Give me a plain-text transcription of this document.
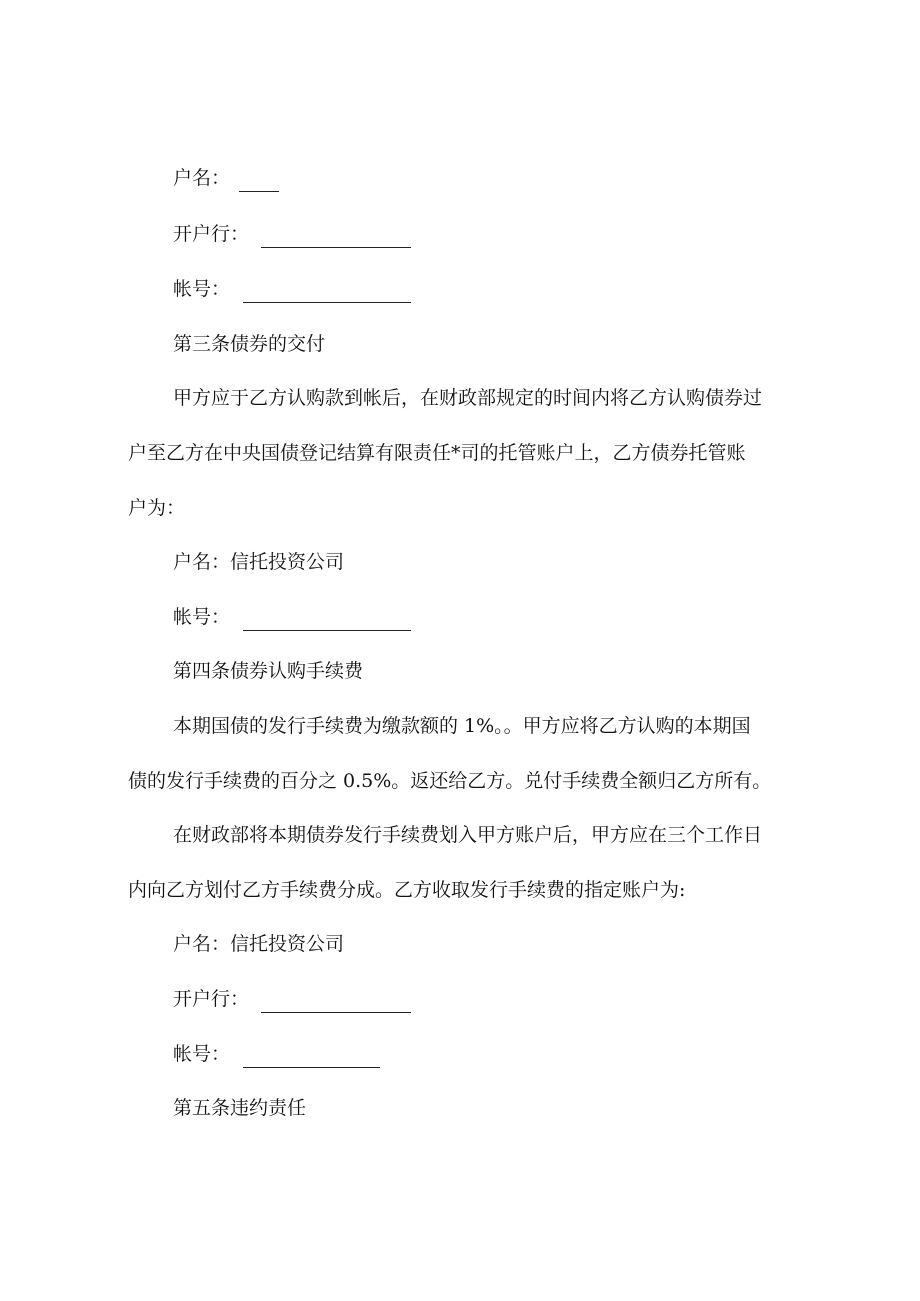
户名：
开户行：
帐号：
第三条债券的交付
甲方应于乙方认购款到帐后，在财政部规定的时间内将乙方认购债券过
户至乙方在中央国债登记结算有限责任*司的托管账户上，乙方债券托管账
户为：
户名：信托投资公司
帐号：
第四条债券认购手续费
本期国债的发行手续费为缴款额的 1%。。甲方应将乙方认购的本期国
债的发行手续费的百分之 0.5%。返还给乙方。兑付手续费全额归乙方所有。
在财政部将本期债券发行手续费划入甲方账户后，甲方应在三个工作日
内向乙方划付乙方手续费分成。乙方收取发行手续费的指定账户为:
户名：信托投资公司
开户行：
帐号：
第五条违约责任
